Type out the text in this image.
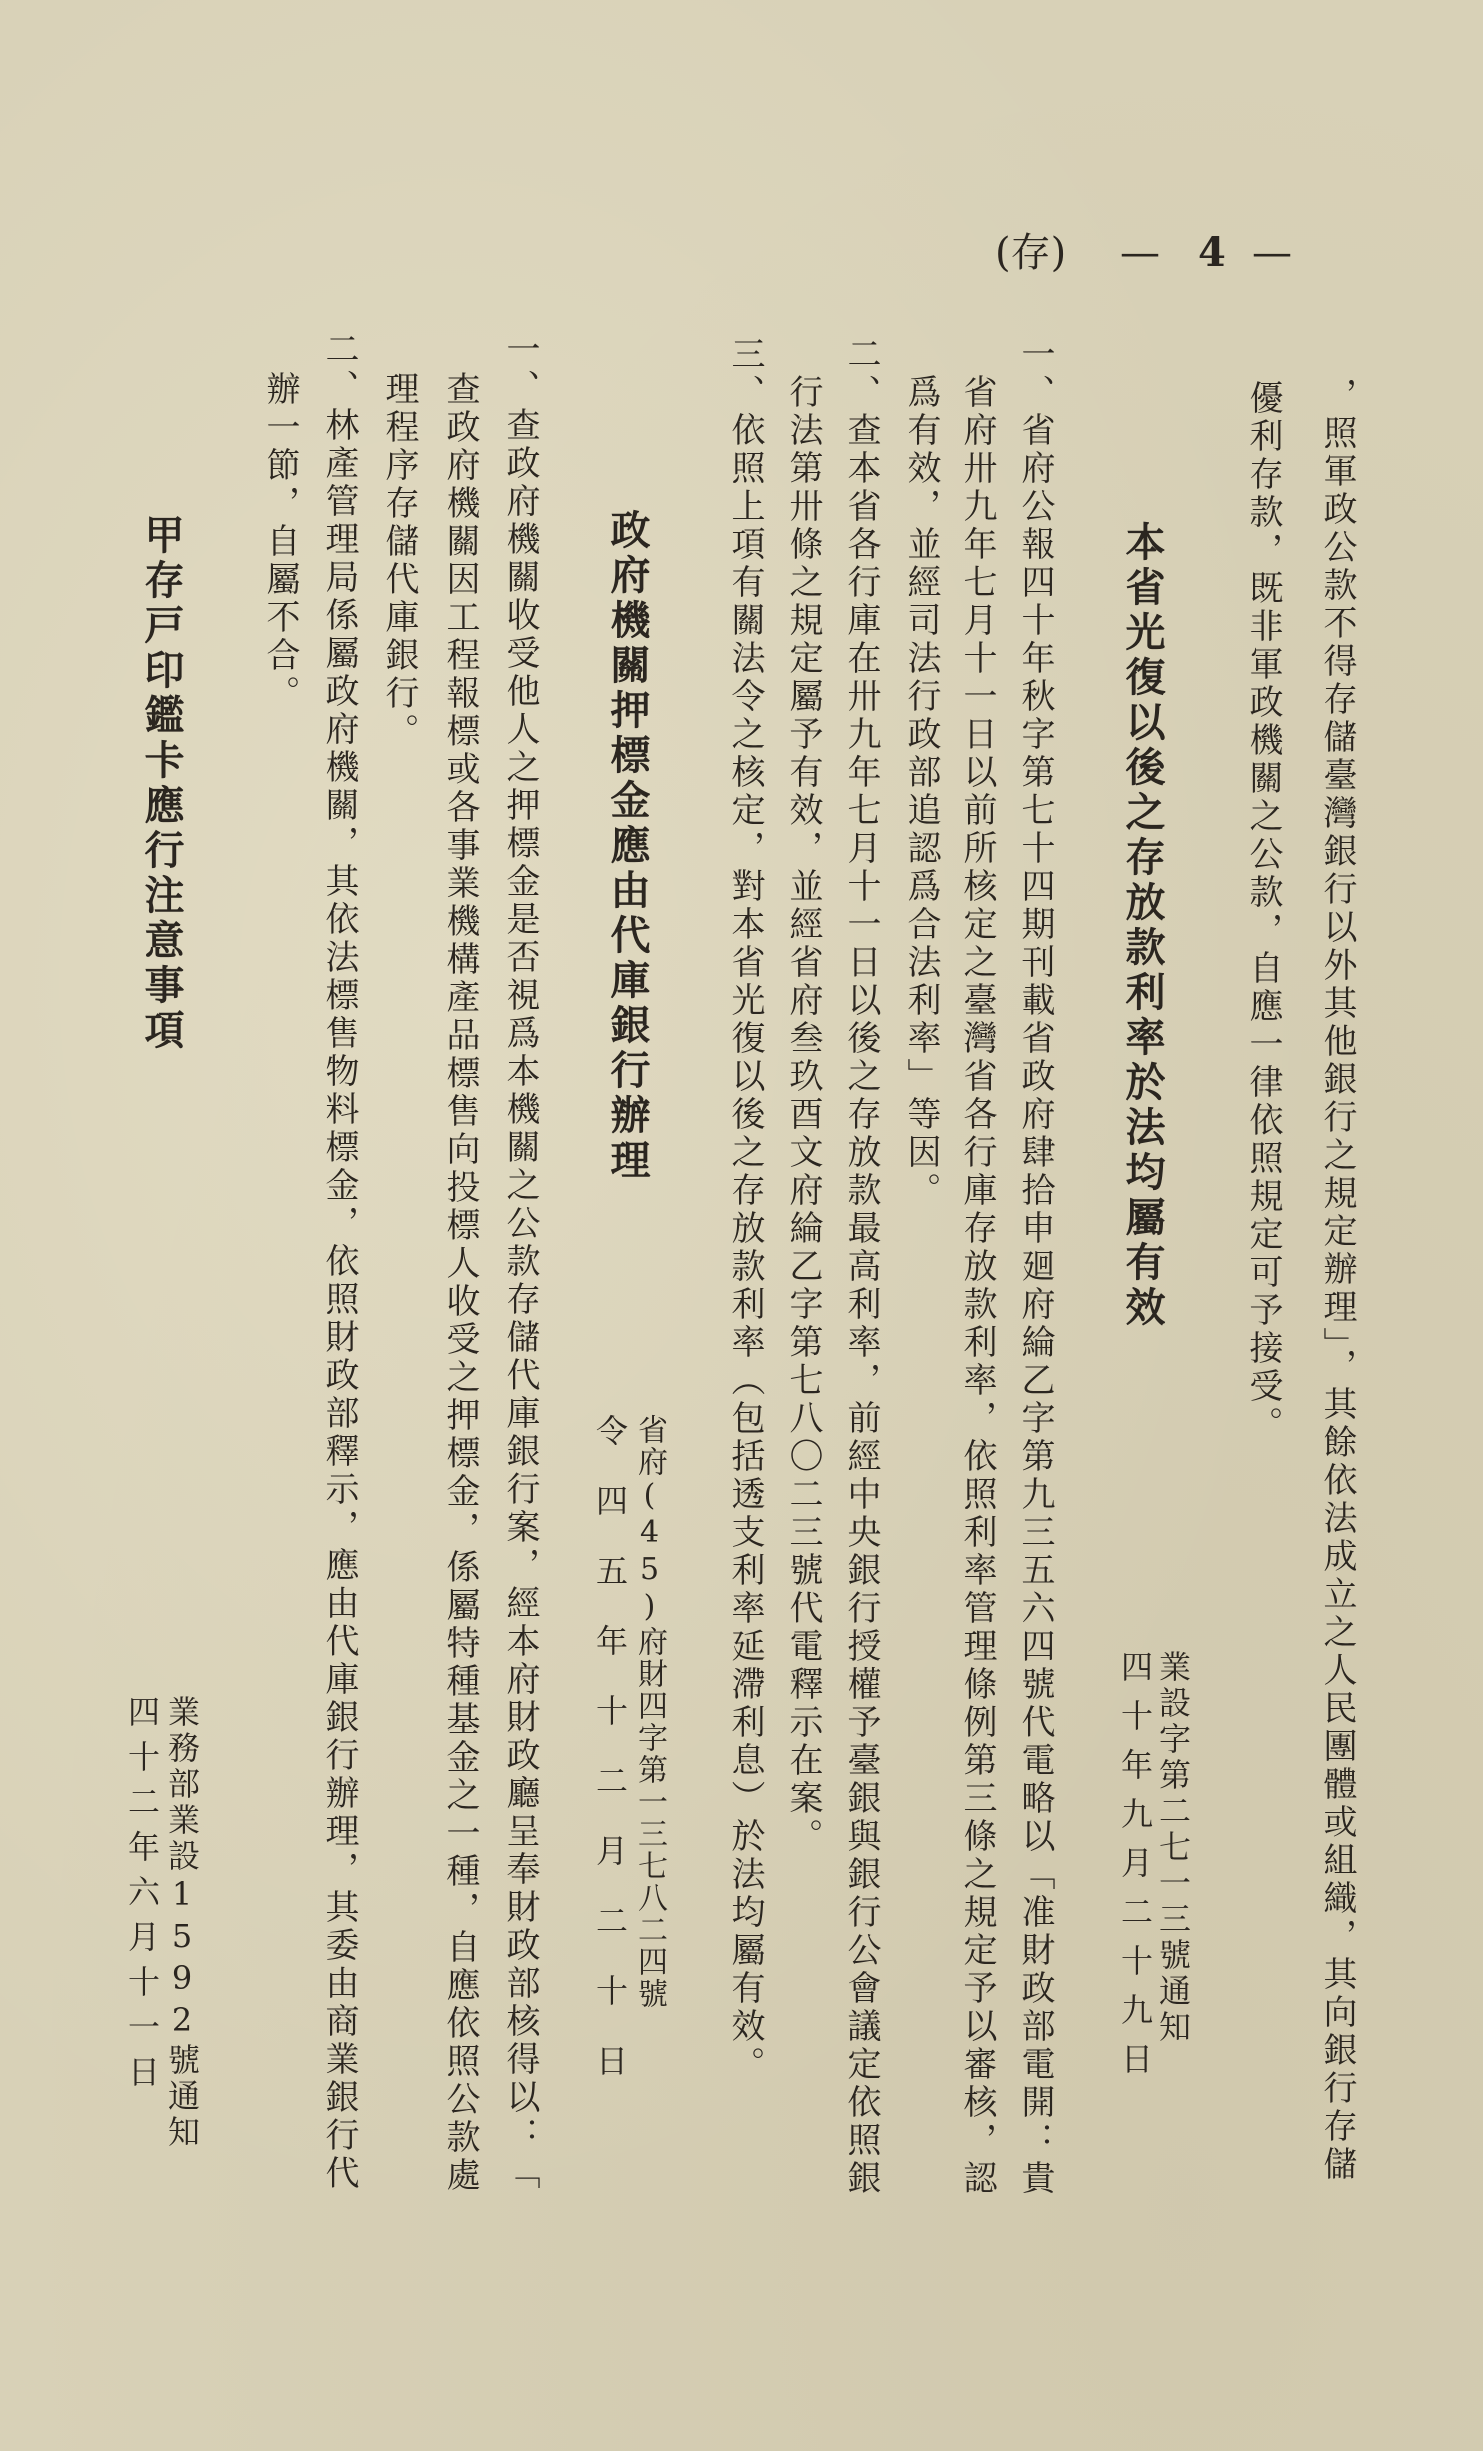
(存) — 4 —
，照軍政公款不得存儲臺灣銀行以外其他銀行之規定辦理」，其餘依法成立之人民團體或組織，其向銀行存儲
優利存款，既非軍政機關之公款，自應一律依照規定可予接受。
本省光復以後之存放款利率於法均屬有效
業設字第二七一三號通知
四十年九月二十九日
一、省府公報四十年秋字第七十四期刊載省政府肆拾申廻府綸乙字第九三五六四號代電略以「准財政部電開：貴
省府卅九年七月十一日以前所核定之臺灣省各行庫存放款利率，依照利率管理條例第三條之規定予以審核，認
爲有效，並經司法行政部追認爲合法利率」等因。
二、查本省各行庫在卅九年七月十一日以後之存放款最高利率，前經中央銀行授權予臺銀與銀行公會議定依照銀
行法第卅條之規定屬予有效，並經省府叁玖酉文府綸乙字第七八〇二三號代電釋示在案。
三、依照上項有關法令之核定，對本省光復以後之存放款利率（包括透支利率延滯利息）於法均屬有效。
政府機關押標金應由代庫銀行辦理
省府(45)府財四字第一三七八二四號
令四五年十二月二十日
一、查政府機關收受他人之押標金是否視爲本機關之公款存儲代庫銀行案，經本府財政廳呈奉財政部核得以：「
查政府機關因工程報標或各事業機構產品標售向投標人收受之押標金，係屬特種基金之一種，自應依照公款處
理程序存儲代庫銀行。
二、林產管理局係屬政府機關，其依法標售物料標金，依照財政部釋示，應由代庫銀行辦理，其委由商業銀行代
辦一節，自屬不合。
甲存戸印鑑卡應行注意事項
業務部業設1592號通知
四十二年六月十一日
